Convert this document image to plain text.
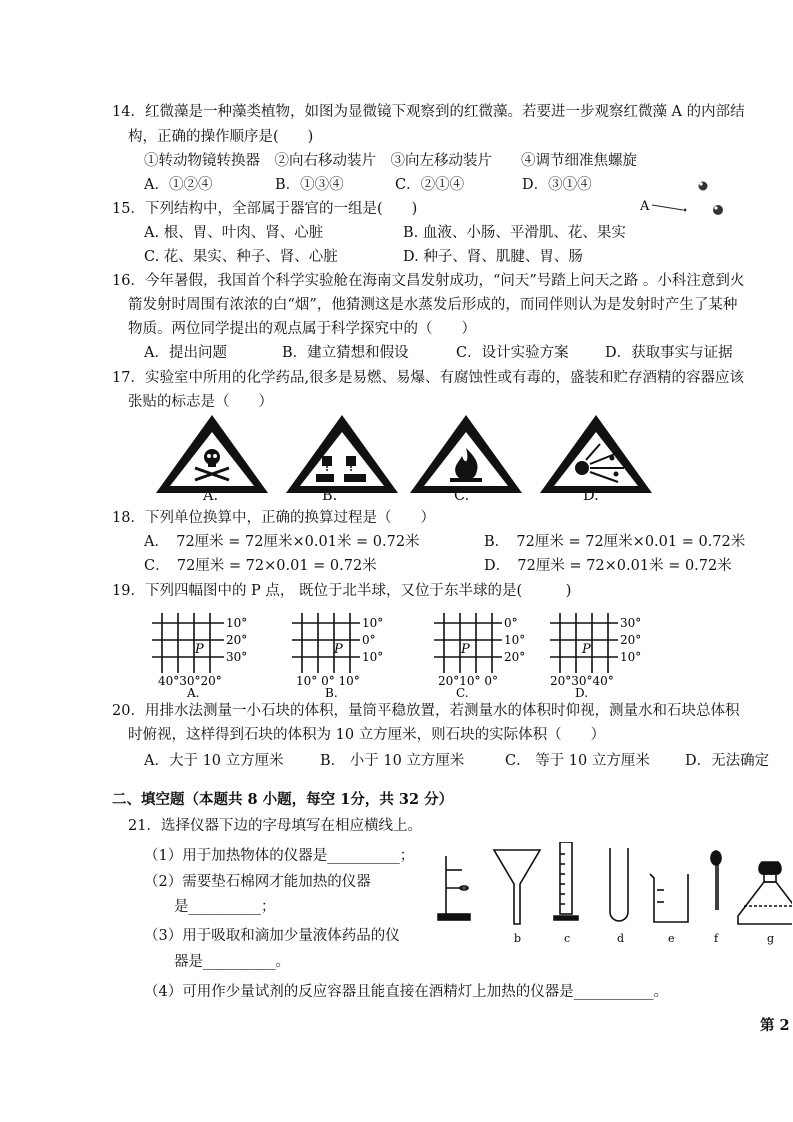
14．红微藻是一种藻类植物，如图为显微镜下观察到的红微藻。若要进一步观察红微藻 A 的内部结
构，正确的操作顺序是(　　)
①转动物镜转换器　②向右移动装片　③向左移动装片　　④调节细准焦螺旋
A．①②④	B．①③④	C．②①④	D．③①④
A
15．下列结构中，全部属于器官的一组是(　　)
A. 根、胃、叶肉、肾、心脏	B. 血液、小肠、平滑肌、花、果实
C. 花、果实、种子、肾、心脏	D. 种子、肾、肌腱、胃、肠
16．今年暑假，我国首个科学实验舱在海南文昌发射成功，“问天”号踏上问天之路 。小科注意到火
箭发射时周围有浓浓的白“烟”，他猜测这是水蒸发后形成的，而同伴则认为是发射时产生了某种
物质。两位同学提出的观点属于科学探究中的（　　）
A．提出问题	B．建立猜想和假设	C．设计实验方案	D．获取事实与证据
17．实验室中所用的化学药品,很多是易燃、易爆、有腐蚀性或有毒的，盛装和贮存酒精的容器应该
张贴的标志是（　　）
A.	B.	C.	D.
18．下列单位换算中，正确的换算过程是（　　）
A．　72厘米 = 72厘米×0.01米 = 0.72米	B．　72厘米 = 72厘米×0.01 = 0.72米
C．　72厘米 = 72×0.01 = 0.72米	D．　72厘米 = 72×0.01米 = 0.72米
19．下列四幅图中的 P 点， 既位于北半球，又位于东半球的是(　　　)
P
10°
20°
30°
40°30°20°
A.
P
10°
0°
10°
10° 0° 10°
B.
P
0°
10°
20°
20°10° 0°
C.
P
30°
20°
10°
20°30°40°
D.
20．用排水法测量一小石块的体积，量筒平稳放置，若测量水的体积时仰视，测量水和石块总体积
时俯视，这样得到石块的体积为 10 立方厘米，则石块的实际体积（　　）
A．大于 10 立方厘米	B． 小于 10 立方厘米	C． 等于 10 立方厘米 D．无法确定
二、填空题（本题共 8 小题，每空 1分，共 32 分）
21．选择仪器下边的字母填写在相应横线上。
（1）用于加热物体的仪器是__________；
（2）需要垫石棉网才能加热的仪器
是__________；
（3）用于吸取和滴加少量液体药品的仪
器是__________。
（4）可用作少量试剂的反应容器且能直接在酒精灯上加热的仪器是___________。
b	c	d	e	f	g
第 2
